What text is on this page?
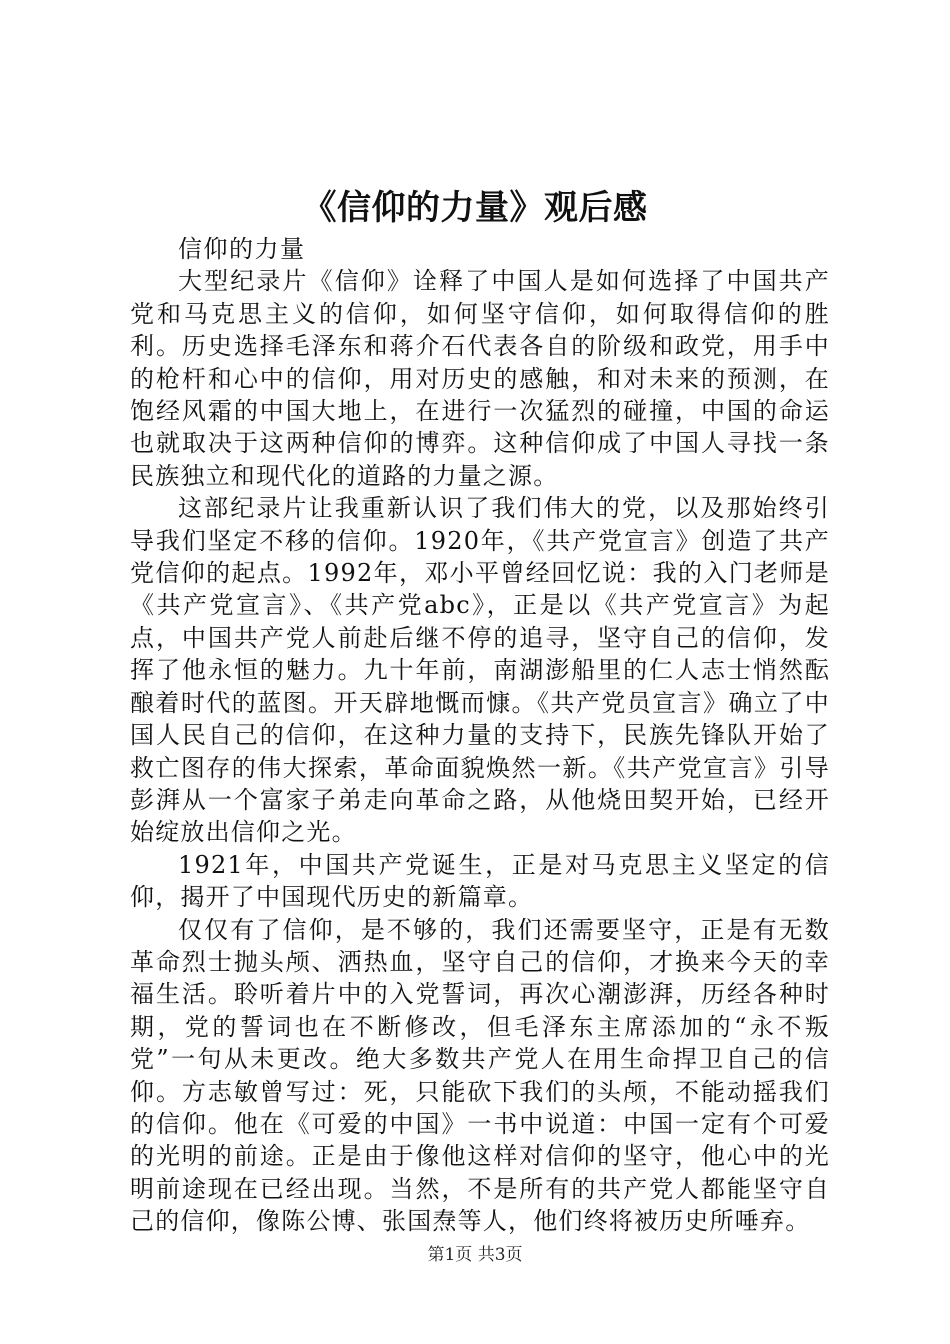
《信仰的力量》观后感

信仰的力量

大型纪录片《信仰》诠释了中国人是如何选择了中国共产党和马克思主义的信仰，如何坚守信仰，如何取得信仰的胜利。历史选择毛泽东和蒋介石代表各自的阶级和政党，用手中的枪杆和心中的信仰，用对历史的感触，和对未来的预测，在饱经风霜的中国大地上，在进行一次猛烈的碰撞，中国的命运也就取决于这两种信仰的博弈。这种信仰成了中国人寻找一条民族独立和现代化的道路的力量之源。

这部纪录片让我重新认识了我们伟大的党，以及那始终引导我们坚定不移的信仰。1920年，《共产党宣言》创造了共产党信仰的起点。1992年，邓小平曾经回忆说：我的入门老师是《共产党宣言》、《共产党abc》，正是以《共产党宣言》为起点，中国共产党人前赴后继不停的追寻，坚守自己的信仰，发挥了他永恒的魅力。九十年前，南湖澎船里的仁人志士悄然酝酿着时代的蓝图。开天辟地慨而慷。《共产党员宣言》确立了中国人民自己的信仰，在这种力量的支持下，民族先锋队开始了救亡图存的伟大探索，革命面貌焕然一新。《共产党宣言》引导彭湃从一个富家子弟走向革命之路，从他烧田契开始，已经开始绽放出信仰之光。

1921年，中国共产党诞生，正是对马克思主义坚定的信仰，揭开了中国现代历史的新篇章。

仅仅有了信仰，是不够的，我们还需要坚守，正是有无数革命烈士抛头颅、洒热血，坚守自己的信仰，才换来今天的幸福生活。聆听着片中的入党誓词，再次心潮澎湃，历经各种时期，党的誓词也在不断修改，但毛泽东主席添加的“永不叛党”一句从未更改。绝大多数共产党人在用生命捍卫自己的信仰。方志敏曾写过：死，只能砍下我们的头颅，不能动摇我们的信仰。他在《可爱的中国》一书中说道：中国一定有个可爱的光明的前途。正是由于像他这样对信仰的坚守，他心中的光明前途现在已经出现。当然，不是所有的共产党人都能坚守自己的信仰，像陈公博、张国焘等人，他们终将被历史所唾弃。

第1页 共3页
